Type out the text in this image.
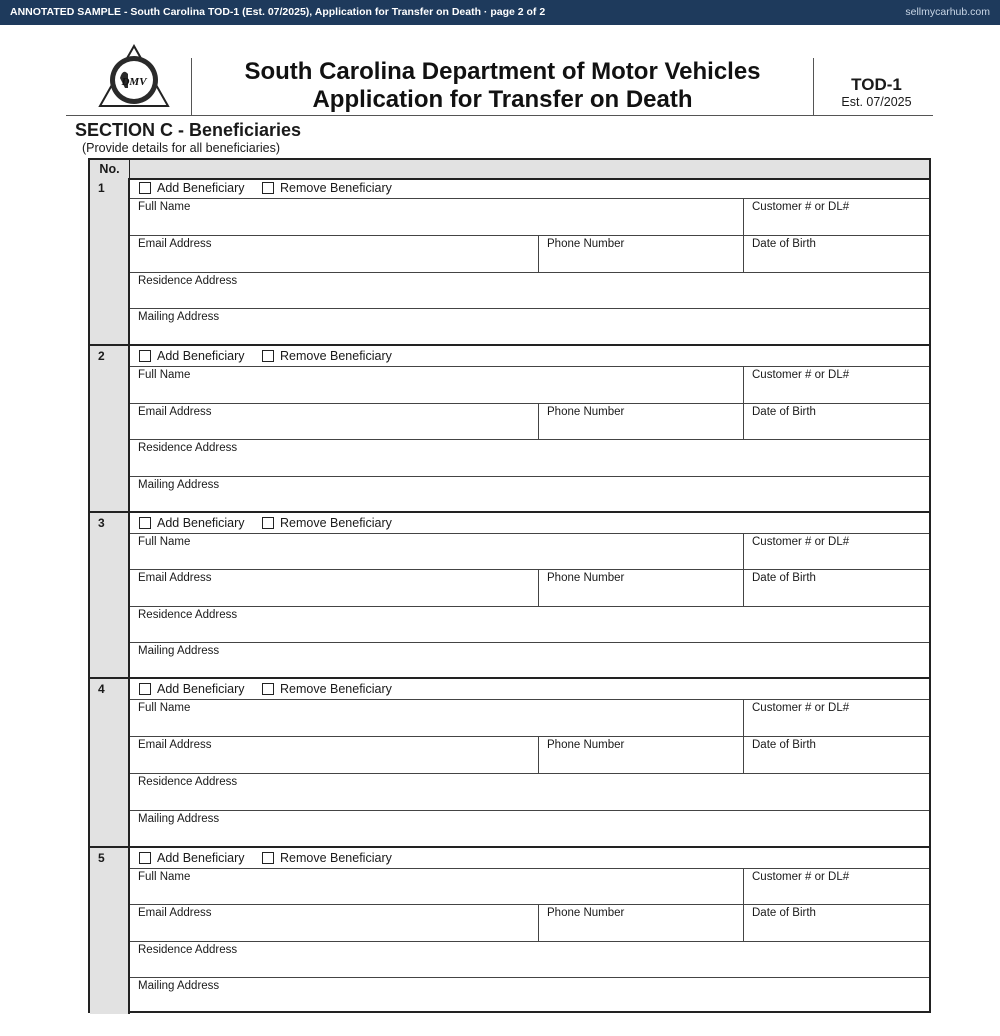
ANNOTATED SAMPLE - South Carolina TOD-1 (Est. 07/2025), Application for Transfer on Death · page 2 of 2	sellmycarhub.com
DMV	South Carolina Department of Motor Vehicles
Application for Transfer on Death
TOD-1
Est. 07/2025
SECTION C - Beneficiaries
(Provide details for all beneficiaries)
No.
1	Add Beneficiary	Remove Beneficiary
Full Name	Customer # or DL#
Email Address	Phone Number	Date of Birth
Residence Address
Mailing Address
2	Add Beneficiary	Remove Beneficiary
Full Name	Customer # or DL#
Email Address	Phone Number	Date of Birth
Residence Address
Mailing Address
3	Add Beneficiary	Remove Beneficiary
Full Name	Customer # or DL#
Email Address	Phone Number	Date of Birth
Residence Address
Mailing Address
4	Add Beneficiary	Remove Beneficiary
Full Name	Customer # or DL#
Email Address	Phone Number	Date of Birth
Residence Address
Mailing Address
5	Add Beneficiary	Remove Beneficiary
Full Name	Customer # or DL#
Email Address	Phone Number	Date of Birth
Residence Address
Mailing Address
